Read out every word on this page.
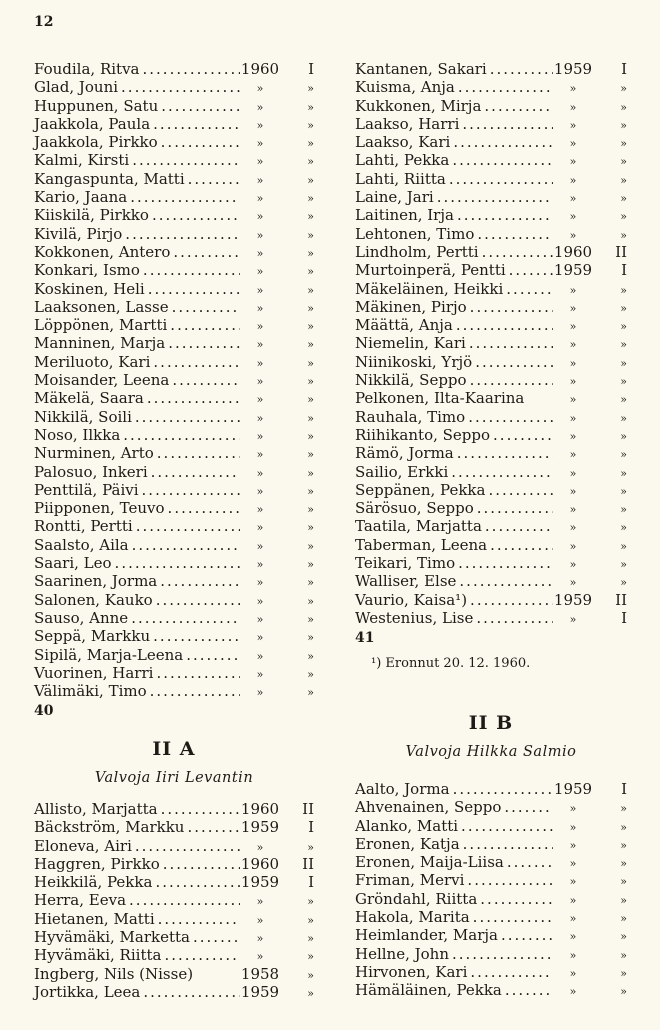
12
Foudila, Ritva .....	1960	I
Glad, Jouni .....	»	»
Huppunen, Satu .....	»	»
Jaakkola, Paula .....	»	»
Jaakkola, Pirkko .....	»	»
Kalmi, Kirsti .....	»	»
Kangaspunta, Matti .....	»	»
Kario, Jaana .....	»	»
Kiiskilä, Pirkko .....	»	»
Kivilä, Pirjo .....	»	»
Kokkonen, Antero .....	»	»
Konkari, Ismo .....	»	»
Koskinen, Heli .....	»	»
Laaksonen, Lasse .....	»	»
Löppönen, Martti .....	»	»
Manninen, Marja .....	»	»
Meriluoto, Kari .....	»	»
Moisander, Leena .....	»	»
Mäkelä, Saara .....	»	»
Nikkilä, Soili .....	»	»
Noso, Ilkka .....	»	»
Nurminen, Arto .....	»	»
Palosuo, Inkeri .....	»	»
Penttilä, Päivi .....	»	»
Piipponen, Teuvo .....	»	»
Rontti, Pertti .....	»	»
Saalsto, Aila .....	»	»
Saari, Leo .....	»	»
Saarinen, Jorma .....	»	»
Salonen, Kauko .....	»	»
Sauso, Anne .....	»	»
Seppä, Markku .....	»	»
Sipilä, Marja-Leena .....	»	»
Vuorinen, Harri .....	»	»
Välimäki, Timo .....	»	»
40
Kantanen, Sakari .....	1959	I
Kuisma, Anja .....	»	»
Kukkonen, Mirja .....	»	»
Laakso, Harri .....	»	»
Laakso, Kari .....	»	»
Lahti, Pekka .....	»	»
Lahti, Riitta .....	»	»
Laine, Jari .....	»	»
Laitinen, Irja .....	»	»
Lehtonen, Timo .....	»	»
Lindholm, Pertti .....	1960	II
Murtoinperä, Pentti .....	1959	I
Mäkeläinen, Heikki .....	»	»
Mäkinen, Pirjo .....	»	»
Määttä, Anja .....	»	»
Niemelin, Kari .....	»	»
Niinikoski, Yrjö .....	»	»
Nikkilä, Seppo .....	»	»
Pelkonen, Ilta-Kaarina	»	»
Rauhala, Timo .....	»	»
Riihikanto, Seppo .....	»	»
Rämö, Jorma .....	»	»
Sailio, Erkki .....	»	»
Seppänen, Pekka .....	»	»
Särösuo, Seppo .....	»	»
Taatila, Marjatta .....	»	»
Taberman, Leena .....	»	»
Teikari, Timo .....	»	»
Walliser, Else .....	»	»
Vaurio, Kaisa¹) .....	1959	II
Westenius, Lise .....	»	I
41
¹) Eronnut 20. 12. 1960.
II A
Valvoja Iiri Levantin
Allisto, Marjatta .....	1960	II
Bäckström, Markku .....	1959	I
Eloneva, Airi .....	»	»
Haggren, Pirkko .....	1960	II
Heikkilä, Pekka .....	1959	I
Herra, Eeva .....	»	»
Hietanen, Matti .....	»	»
Hyvämäki, Marketta .....	»	»
Hyvämäki, Riitta .....	»	»
Ingberg, Nils (Nisse)	1958	»
Jortikka, Leea .....	1959	»
II B
Valvoja Hilkka Salmio
Aalto, Jorma .....	1959	I
Ahvenainen, Seppo .....	»	»
Alanko, Matti .....	»	»
Eronen, Katja .....	»	»
Eronen, Maija-Liisa .....	»	»
Friman, Mervi .....	»	»
Gröndahl, Riitta .....	»	»
Hakola, Marita .....	»	»
Heimlander, Marja .....	»	»
Hellne, John .....	»	»
Hirvonen, Kari .....	»	»
Hämäläinen, Pekka .....	»	»
